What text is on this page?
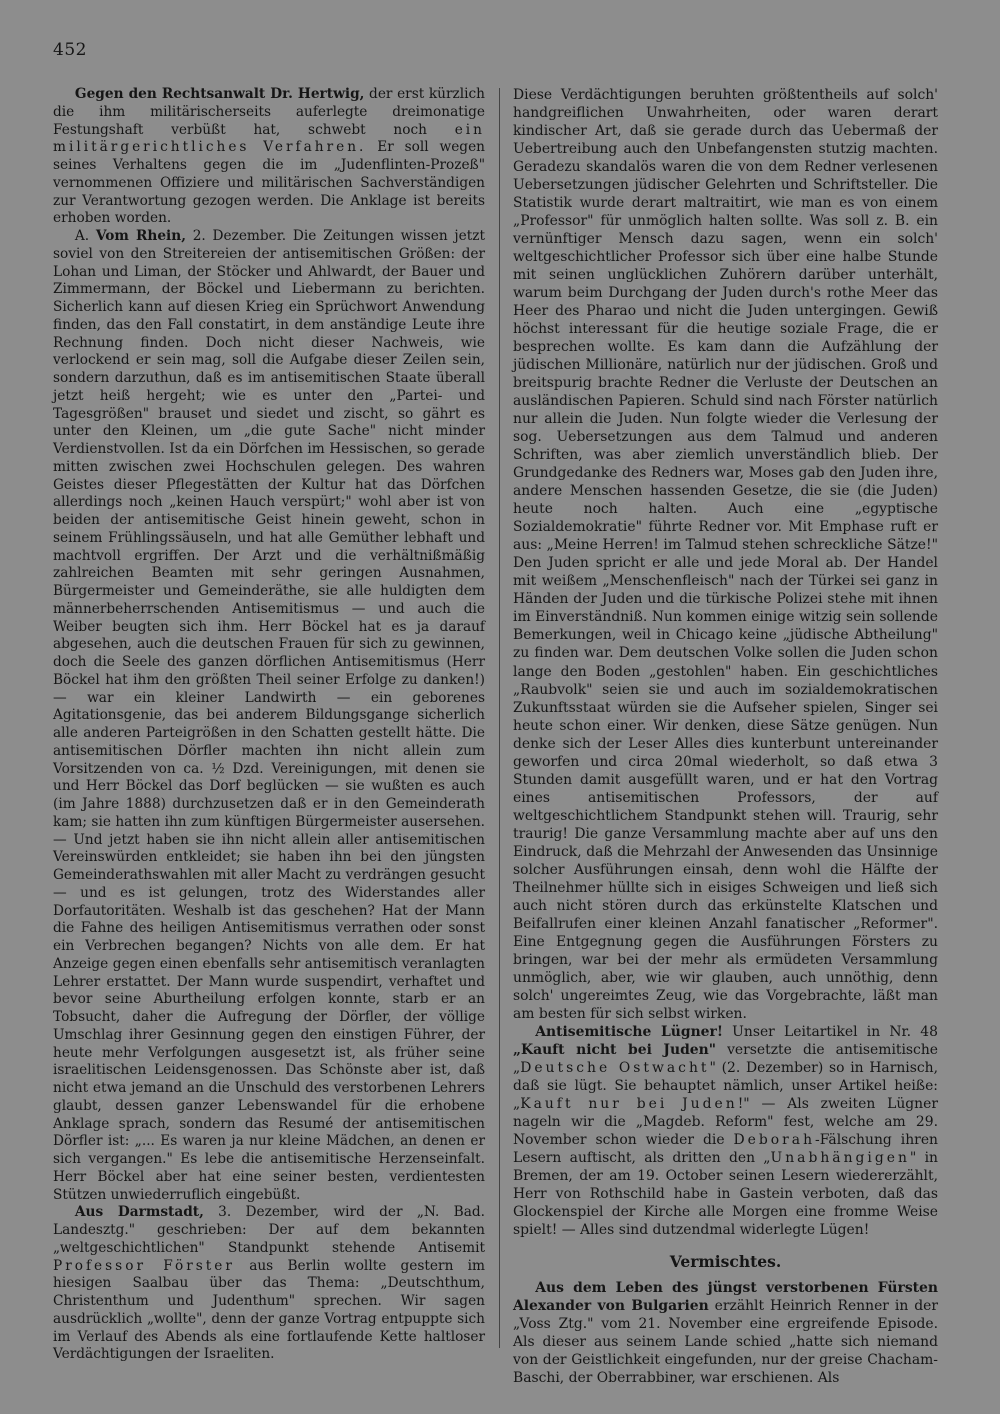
452

Gegen den Rechtsanwalt Dr. Hertwig, der erst kürzlich die ihm militärischerseits auferlegte dreimonatige Festungshaft verbüßt hat, schwebt noch ein militärgerichtliches Verfahren. Er soll wegen seines Verhaltens gegen die im „Judenflinten-Prozeß" vernommenen Offiziere und militärischen Sachverständigen zur Verantwortung gezogen werden. Die Anklage ist bereits erhoben worden.

A. Vom Rhein, 2. Dezember. Die Zeitungen wissen jetzt soviel von den Streitereien der antisemitischen Größen: der Lohan und Liman, der Stöcker und Ahlwardt, der Bauer und Zimmermann, der Böckel und Liebermann zu berichten. Sicherlich kann auf diesen Krieg ein Sprüchwort Anwendung finden, das den Fall constatirt, in dem anständige Leute ihre Rechnung finden. Doch nicht dieser Nachweis, wie verlockend er sein mag, soll die Aufgabe dieser Zeilen sein, sondern darzuthun, daß es im antisemitischen Staate überall jetzt heiß hergeht; wie es unter den „Partei- und Tagesgrößen" brauset und siedet und zischt, so gährt es unter den Kleinen, um „die gute Sache" nicht minder Verdienstvollen. Ist da ein Dörfchen im Hessischen, so gerade mitten zwischen zwei Hochschulen gelegen. Des wahren Geistes dieser Pflegestätten der Kultur hat das Dörfchen allerdings noch „keinen Hauch verspürt;" wohl aber ist von beiden der antisemitische Geist hinein geweht, schon in seinem Frühlingssäuseln, und hat alle Gemüther lebhaft und machtvoll ergriffen. Der Arzt und die verhältnißmäßig zahlreichen Beamten mit sehr geringen Ausnahmen, Bürgermeister und Gemeinderäthe, sie alle huldigten dem männerbeherrschenden Antisemitismus — und auch die Weiber beugten sich ihm. Herr Böckel hat es ja darauf abgesehen, auch die deutschen Frauen für sich zu gewinnen, doch die Seele des ganzen dörflichen Antisemitismus (Herr Böckel hat ihm den größten Theil seiner Erfolge zu danken!) — war ein kleiner Landwirth — ein geborenes Agitationsgenie, das bei anderem Bildungsgange sicherlich alle anderen Parteigrößen in den Schatten gestellt hätte. Die antisemitischen Dörfler machten ihn nicht allein zum Vorsitzenden von ca. ½ Dzd. Vereinigungen, mit denen sie und Herr Böckel das Dorf beglücken — sie wußten es auch (im Jahre 1888) durchzusetzen daß er in den Gemeinderath kam; sie hatten ihn zum künftigen Bürgermeister ausersehen. — Und jetzt haben sie ihn nicht allein aller antisemitischen Vereinswürden entkleidet; sie haben ihn bei den jüngsten Gemeinderathswahlen mit aller Macht zu verdrängen gesucht — und es ist gelungen, trotz des Widerstandes aller Dorfautoritäten. Weshalb ist das geschehen? Hat der Mann die Fahne des heiligen Antisemitismus verrathen oder sonst ein Verbrechen begangen? Nichts von alle dem. Er hat Anzeige gegen einen ebenfalls sehr antisemitisch veranlagten Lehrer erstattet. Der Mann wurde suspendirt, verhaftet und bevor seine Aburtheilung erfolgen konnte, starb er an Tobsucht, daher die Aufregung der Dörfler, der völlige Umschlag ihrer Gesinnung gegen den einstigen Führer, der heute mehr Verfolgungen ausgesetzt ist, als früher seine israelitischen Leidensgenossen. Das Schönste aber ist, daß nicht etwa jemand an die Unschuld des verstorbenen Lehrers glaubt, dessen ganzer Lebenswandel für die erhobene Anklage sprach, sondern das Resumé der antisemitischen Dörfler ist: „... Es waren ja nur kleine Mädchen, an denen er sich vergangen." Es lebe die antisemitische Herzenseinfalt. Herr Böckel aber hat eine seiner besten, verdientesten Stützen unwiederruflich eingebüßt.

Aus Darmstadt, 3. Dezember, wird der „N. Bad. Landesztg." geschrieben: Der auf dem bekannten „weltgeschichtlichen" Standpunkt stehende Antisemit Professor Förster aus Berlin wollte gestern im hiesigen Saalbau über das Thema: „Deutschthum, Christenthum und Judenthum" sprechen. Wir sagen ausdrücklich „wollte", denn der ganze Vortrag entpuppte sich im Verlauf des Abends als eine fortlaufende Kette haltloser Verdächtigungen der Israeliten.

Diese Verdächtigungen beruhten größtentheils auf solch' handgreiflichen Unwahrheiten, oder waren derart kindischer Art, daß sie gerade durch das Uebermaß der Uebertreibung auch den Unbefangensten stutzig machten. Geradezu skandalös waren die von dem Redner verlesenen Uebersetzungen jüdischer Gelehrten und Schriftsteller. Die Statistik wurde derart maltraitirt, wie man es von einem „Professor" für unmöglich halten sollte. Was soll z. B. ein vernünftiger Mensch dazu sagen, wenn ein solch' weltgeschichtlicher Professor sich über eine halbe Stunde mit seinen unglücklichen Zuhörern darüber unterhält, warum beim Durchgang der Juden durch's rothe Meer das Heer des Pharao und nicht die Juden untergingen. Gewiß höchst interessant für die heutige soziale Frage, die er besprechen wollte. Es kam dann die Aufzählung der jüdischen Millionäre, natürlich nur der jüdischen. Groß und breitspurig brachte Redner die Verluste der Deutschen an ausländischen Papieren. Schuld sind nach Förster natürlich nur allein die Juden. Nun folgte wieder die Verlesung der sog. Uebersetzungen aus dem Talmud und anderen Schriften, was aber ziemlich unverständlich blieb. Der Grundgedanke des Redners war, Moses gab den Juden ihre, andere Menschen hassenden Gesetze, die sie (die Juden) heute noch halten. Auch eine „egyptische Sozialdemokratie" führte Redner vor. Mit Emphase ruft er aus: „Meine Herren! im Talmud stehen schreckliche Sätze!" Den Juden spricht er alle und jede Moral ab. Der Handel mit weißem „Menschenfleisch" nach der Türkei sei ganz in Händen der Juden und die türkische Polizei stehe mit ihnen im Einverständniß. Nun kommen einige witzig sein sollende Bemerkungen, weil in Chicago keine „jüdische Abtheilung" zu finden war. Dem deutschen Volke sollen die Juden schon lange den Boden „gestohlen" haben. Ein geschichtliches „Raubvolk" seien sie und auch im sozialdemokratischen Zukunftsstaat würden sie die Aufseher spielen, Singer sei heute schon einer. Wir denken, diese Sätze genügen. Nun denke sich der Leser Alles dies kunterbunt untereinander geworfen und circa 20mal wiederholt, so daß etwa 3 Stunden damit ausgefüllt waren, und er hat den Vortrag eines antisemitischen Professors, der auf weltgeschichtlichem Standpunkt stehen will. Traurig, sehr traurig! Die ganze Versammlung machte aber auf uns den Eindruck, daß die Mehrzahl der Anwesenden das Unsinnige solcher Ausführungen einsah, denn wohl die Hälfte der Theilnehmer hüllte sich in eisiges Schweigen und ließ sich auch nicht stören durch das erkünstelte Klatschen und Beifallrufen einer kleinen Anzahl fanatischer „Reformer". Eine Entgegnung gegen die Ausführungen Försters zu bringen, war bei der mehr als ermüdeten Versammlung unmöglich, aber, wie wir glauben, auch unnöthig, denn solch' ungereimtes Zeug, wie das Vorgebrachte, läßt man am besten für sich selbst wirken.

Antisemitische Lügner! Unser Leitartikel in Nr. 48 „Kauft nicht bei Juden" versetzte die antisemitische „Deutsche Ostwacht" (2. Dezember) so in Harnisch, daß sie lügt. Sie behauptet nämlich, unser Artikel heiße: „Kauft nur bei Juden!" — Als zweiten Lügner nageln wir die „Magdeb. Reform" fest, welche am 29. November schon wieder die Deborah-Fälschung ihren Lesern auftischt, als dritten den „Unabhängigen" in Bremen, der am 19. October seinen Lesern wiedererzählt, Herr von Rothschild habe in Gastein verboten, daß das Glockenspiel der Kirche alle Morgen eine fromme Weise spielt! — Alles sind dutzendmal widerlegte Lügen!

Vermischtes.

Aus dem Leben des jüngst verstorbenen Fürsten Alexander von Bulgarien erzählt Heinrich Renner in der „Voss Ztg." vom 21. November eine ergreifende Episode. Als dieser aus seinem Lande schied „hatte sich niemand von der Geistlichkeit eingefunden, nur der greise Chacham-Baschi, der Oberrabbiner, war erschienen. Als
